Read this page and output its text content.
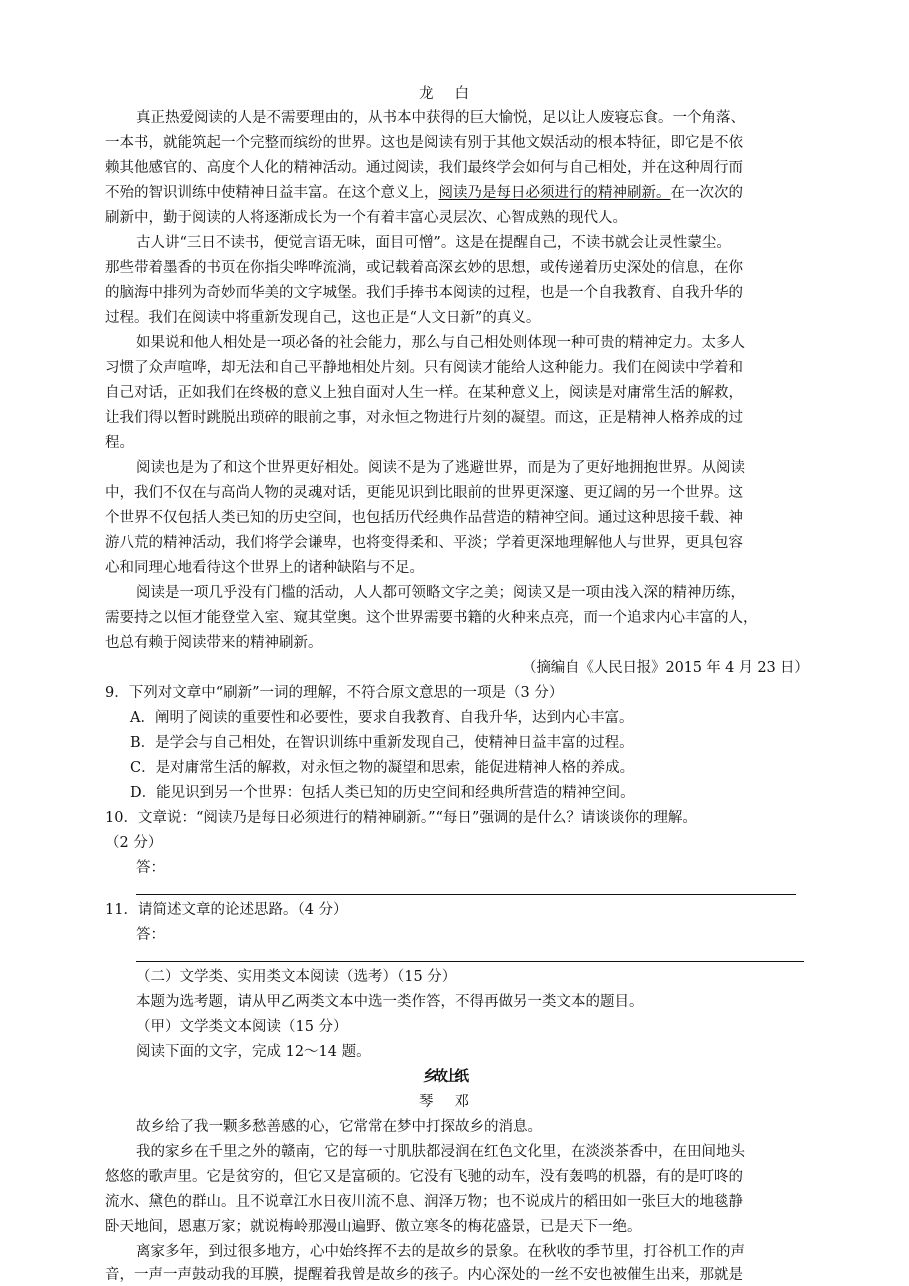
真正热爱阅读的人是不需要理由的，从书本中获得的巨大愉悦，足以让人废寝忘食。一个角落、
一本书，就能筑起一个完整而缤纷的世界。这也是阅读有别于其他文娱活动的根本特征，即它是不依
赖其他感官的、高度个人化的精神活动。通过阅读，我们最终学会如何与自己相处，并在这种周行而
不殆的智识训练中使精神日益丰富。在这个意义上，阅读乃是每日必须进行的精神刷新。在一次次的
刷新中，勤于阅读的人将逐渐成长为一个有着丰富心灵层次、心智成熟的现代人。
古人讲“三日不读书，便觉言语无味，面目可憎”。这是在提醒自己，不读书就会让灵性蒙尘。
那些带着墨香的书页在你指尖哗哗流淌，或记载着高深玄妙的思想，或传递着历史深处的信息，在你
的脑海中排列为奇妙而华美的文字城堡。我们手捧书本阅读的过程，也是一个自我教育、自我升华的
过程。我们在阅读中将重新发现自己，这也正是“人文日新”的真义。
如果说和他人相处是一项必备的社会能力，那么与自己相处则体现一种可贵的精神定力。太多人
习惯了众声喧哗，却无法和自己平静地相处片刻。只有阅读才能给人这种能力。我们在阅读中学着和
自己对话，正如我们在终极的意义上独自面对人生一样。在某种意义上，阅读是对庸常生活的解救，
让我们得以暂时跳脱出琐碎的眼前之事，对永恒之物进行片刻的凝望。而这，正是精神人格养成的过
程。
阅读也是为了和这个世界更好相处。阅读不是为了逃避世界，而是为了更好地拥抱世界。从阅读
中，我们不仅在与高尚人物的灵魂对话，更能见识到比眼前的世界更深邃、更辽阔的另一个世界。这
个世界不仅包括人类已知的历史空间，也包括历代经典作品营造的精神空间。通过这种思接千载、神
游八荒的精神活动，我们将学会谦卑，也将变得柔和、平淡；学着更深地理解他人与世界，更具包容
心和同理心地看待这个世界上的诸种缺陷与不足。
阅读是一项几乎没有门槛的活动，人人都可领略文字之美；阅读又是一项由浅入深的精神历练，
需要持之以恒才能登堂入室、窥其堂奥。这个世界需要书籍的火种来点亮，而一个追求内心丰富的人，
也总有赖于阅读带来的精神刷新。
（摘编自《人民日报》2015 年 4 月 23 日）
9．下列对文章中“刷新”一词的理解，不符合原文意思的一项是（3 分）
A．阐明了阅读的重要性和必要性，要求自我教育、自我升华，达到内心丰富。
B．是学会与自己相处，在智识训练中重新发现自己，使精神日益丰富的过程。
C．是对庸常生活的解救，对永恒之物的凝望和思索，能促进精神人格的养成。
D．能见识到另一个世界：包括人类已知的历史空间和经典所营造的精神空间。
10．文章说：“阅读乃是每日必须进行的精神刷新。”“每日”强调的是什么？请谈谈你的理解。
（2 分）
答：
11．请简述文章的论述思路。（4 分）
答：
（二）文学类、实用类文本阅读（选考）（15 分）
本题为选考题，请从甲乙两类文本中选一类作答，不得再做另一类文本的题目。
（甲）文学类文本阅读（15 分）
阅读下面的文字，完成 12～14 题。
故乡给了我一颗多愁善感的心，它常常在梦中打探故乡的消息。
我的家乡在千里之外的赣南，它的每一寸肌肤都浸润在红色文化里，在淡淡茶香中，在田间地头
悠悠的歌声里。它是贫穷的，但它又是富硕的。它没有飞驰的动车，没有轰鸣的机器，有的是叮咚的
流水、黛色的群山。且不说章江水日夜川流不息、润泽万物；也不说成片的稻田如一张巨大的地毯静
卧天地间，恩惠万家；就说梅岭那漫山遍野、傲立寒冬的梅花盛景，已是天下一绝。
离家多年，到过很多地方，心中始终挥不去的是故乡的景象。在秋收的季节里，打谷机工作的声
音，一声一声鼓动我的耳膜，提醒着我曾是故乡的孩子。内心深处的一丝不安也被催生出来，那就是
